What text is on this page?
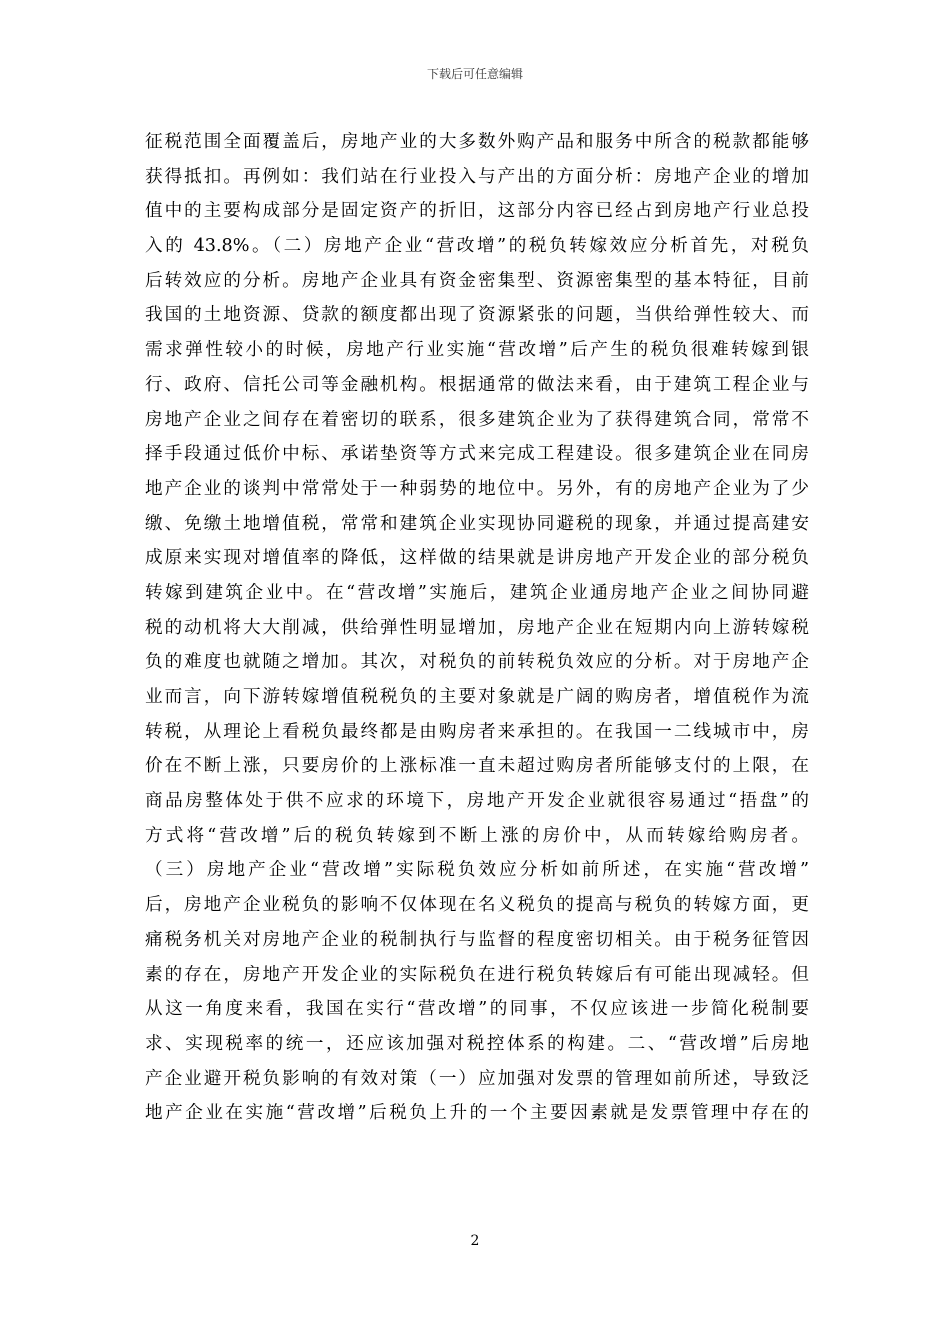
下载后可任意编辑
征税范围全面覆盖后，房地产业的大多数外购产品和服务中所含的税款都能够
获得抵扣。再例如：我们站在行业投入与产出的方面分析：房地产企业的增加
值中的主要构成部分是固定资产的折旧，这部分内容已经占到房地产行业总投
入的 43.8%。（二）房地产企业“营改增”的税负转嫁效应分析首先，对税负
后转效应的分析。房地产企业具有资金密集型、资源密集型的基本特征，目前
我国的土地资源、贷款的额度都出现了资源紧张的问题，当供给弹性较大、而
需求弹性较小的时候，房地产行业实施“营改增”后产生的税负很难转嫁到银
行、政府、信托公司等金融机构。根据通常的做法来看，由于建筑工程企业与
房地产企业之间存在着密切的联系，很多建筑企业为了获得建筑合同，常常不
择手段通过低价中标、承诺垫资等方式来完成工程建设。很多建筑企业在同房
地产企业的谈判中常常处于一种弱势的地位中。另外，有的房地产企业为了少
缴、免缴土地增值税，常常和建筑企业实现协同避税的现象，并通过提高建安
成原来实现对增值率的降低，这样做的结果就是讲房地产开发企业的部分税负
转嫁到建筑企业中。在“营改增”实施后，建筑企业通房地产企业之间协同避
税的动机将大大削减，供给弹性明显增加，房地产企业在短期内向上游转嫁税
负的难度也就随之增加。其次，对税负的前转税负效应的分析。对于房地产企
业而言，向下游转嫁增值税税负的主要对象就是广阔的购房者，增值税作为流
转税，从理论上看税负最终都是由购房者来承担的。在我国一二线城市中，房
价在不断上涨，只要房价的上涨标准一直未超过购房者所能够支付的上限，在
商品房整体处于供不应求的环境下，房地产开发企业就很容易通过“捂盘”的
方式将“营改增”后的税负转嫁到不断上涨的房价中，从而转嫁给购房者。
（三）房地产企业“营改增”实际税负效应分析如前所述，在实施“营改增”
后，房地产企业税负的影响不仅体现在名义税负的提高与税负的转嫁方面，更
痛税务机关对房地产企业的税制执行与监督的程度密切相关。由于税务征管因
素的存在，房地产开发企业的实际税负在进行税负转嫁后有可能出现减轻。但
从这一角度来看，我国在实行“营改增”的同事，不仅应该进一步简化税制要
求、实现税率的统一，还应该加强对税控体系的构建。二、“营改增”后房地
产企业避开税负影响的有效对策（一）应加强对发票的管理如前所述，导致泛
地产企业在实施“营改增”后税负上升的一个主要因素就是发票管理中存在的
2
